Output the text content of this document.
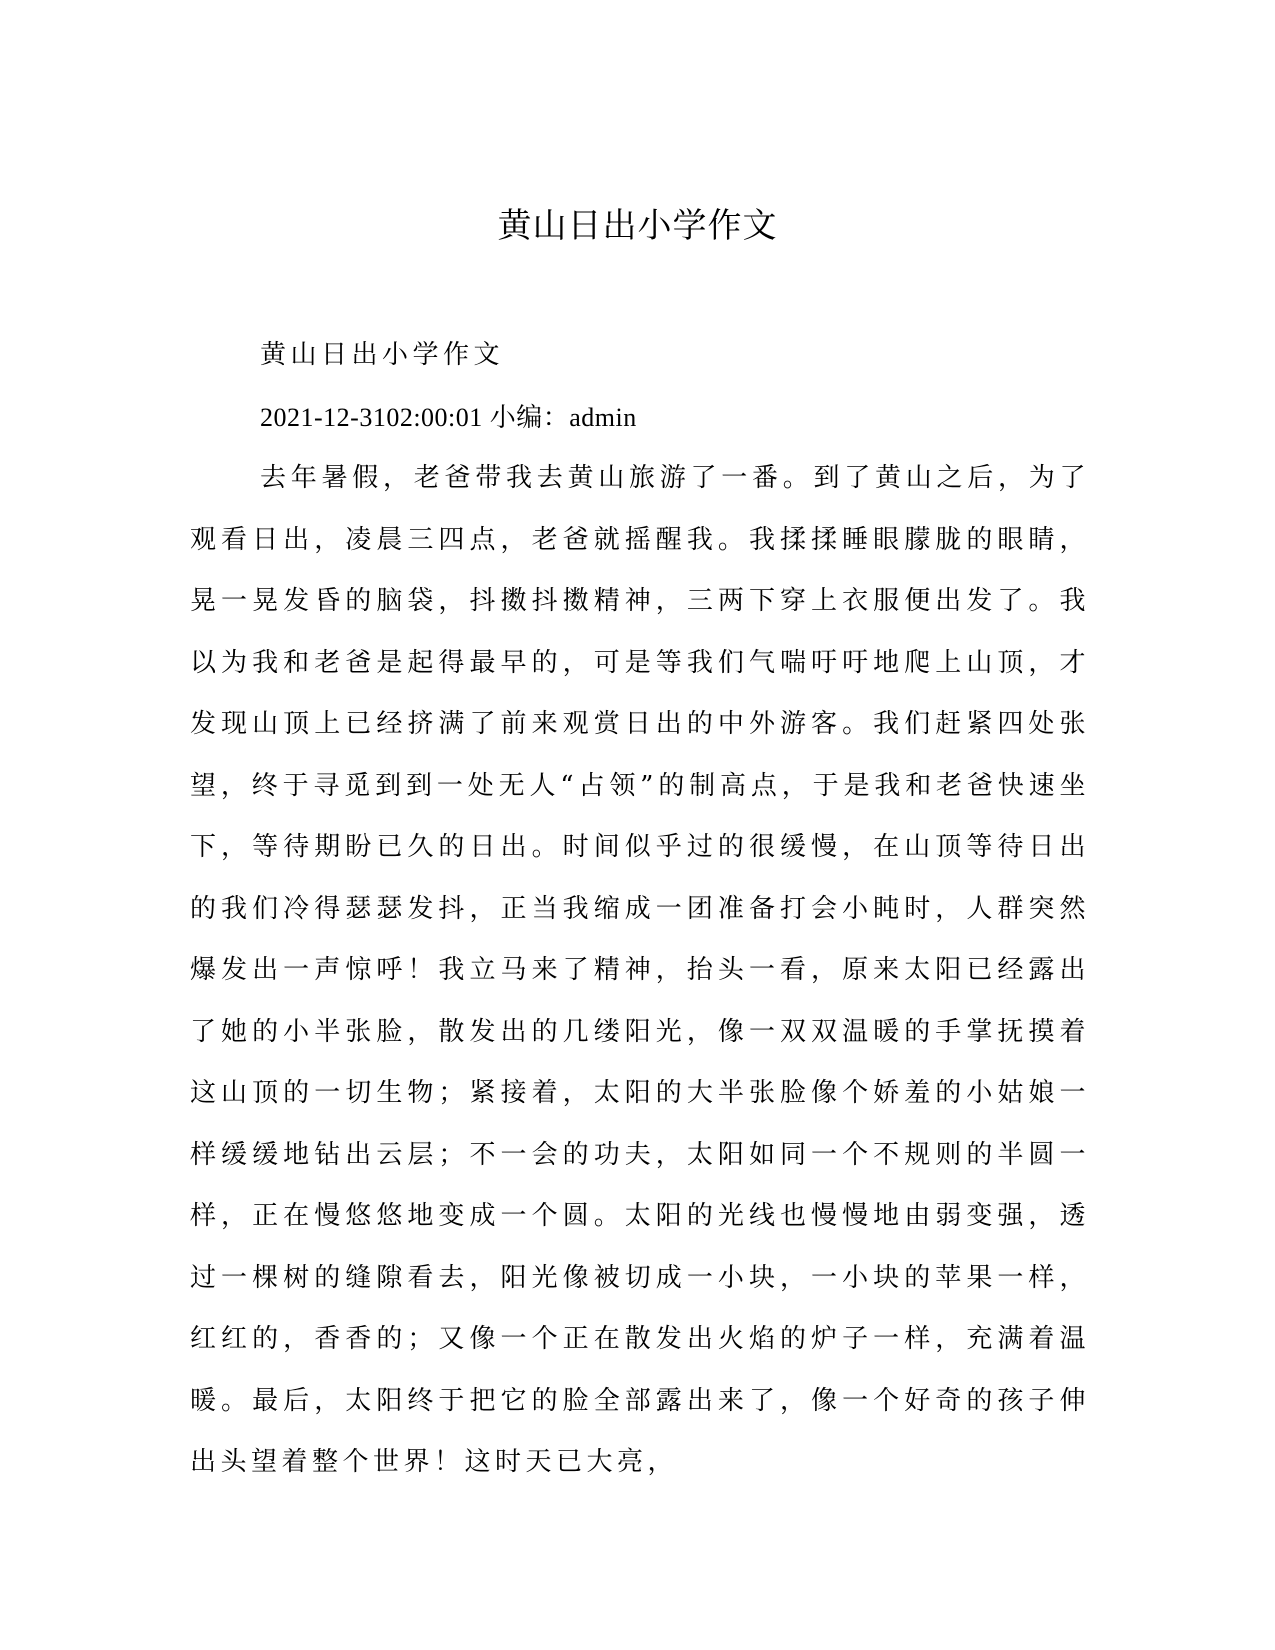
黄山日出小学作文

黄山日出小学作文

2021-12-3102:00:01 小编：admin

去年暑假，老爸带我去黄山旅游了一番。到了黄山之后，为了观看日出，凌晨三四点，老爸就摇醒我。我揉揉睡眼朦胧的眼睛，晃一晃发昏的脑袋，抖擞抖擞精神，三两下穿上衣服便出发了。我以为我和老爸是起得最早的，可是等我们气喘吁吁地爬上山顶，才发现山顶上已经挤满了前来观赏日出的中外游客。我们赶紧四处张望，终于寻觅到到一处无人“占领”的制高点，于是我和老爸快速坐下，等待期盼已久的日出。时间似乎过的很缓慢，在山顶等待日出的我们冷得瑟瑟发抖，正当我缩成一团准备打会小盹时，人群突然爆发出一声惊呼！我立马来了精神，抬头一看，原来太阳已经露出了她的小半张脸，散发出的几缕阳光，像一双双温暖的手掌抚摸着这山顶的一切生物；紧接着，太阳的大半张脸像个娇羞的小姑娘一样缓缓地钻出云层；不一会的功夫，太阳如同一个不规则的半圆一样，正在慢悠悠地变成一个圆。太阳的光线也慢慢地由弱变强，透过一棵树的缝隙看去，阳光像被切成一小块，一小块的苹果一样，红红的，香香的；又像一个正在散发出火焰的炉子一样，充满着温暖。最后，太阳终于把它的脸全部露出来了，像一个好奇的孩子伸出头望着整个世界！这时天已大亮，
